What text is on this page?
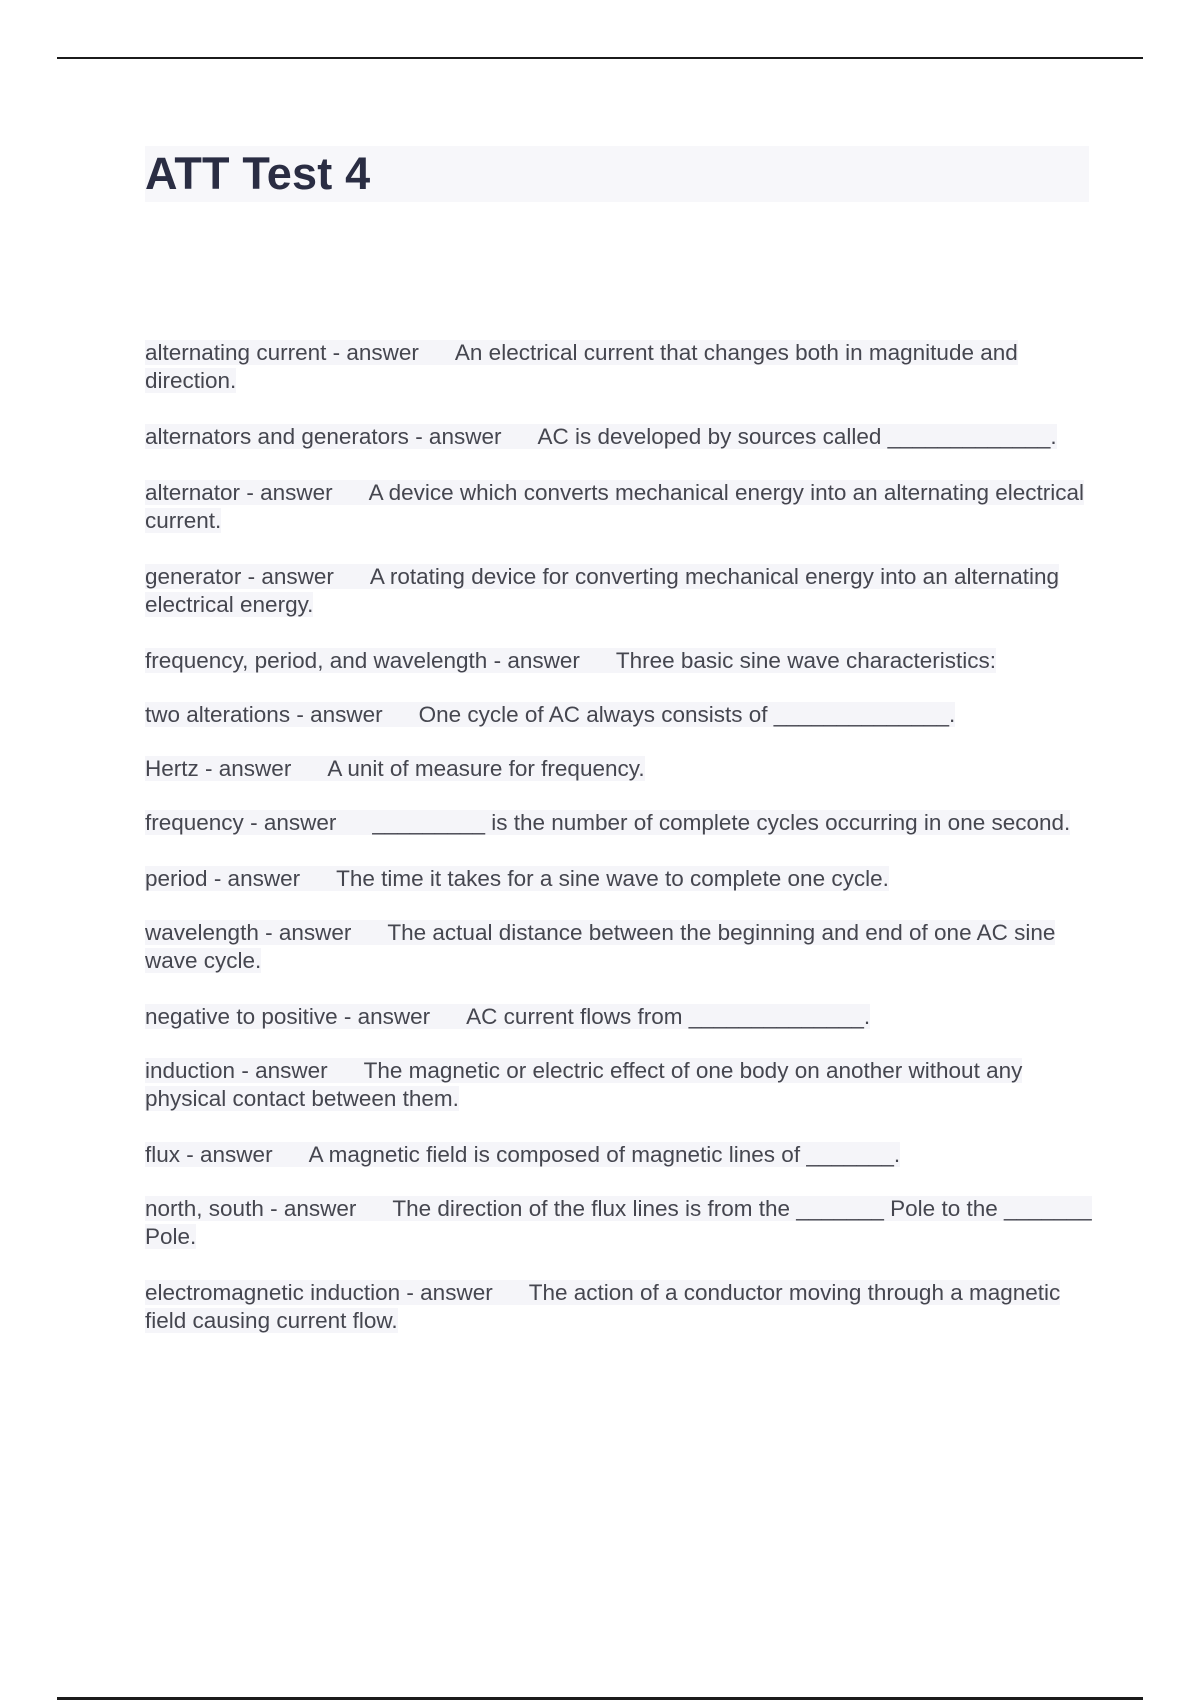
ATT Test 4
alternating current - answer An electrical current that changes both in magnitude and direction.
alternators and generators - answer AC is developed by sources called _____________.
alternator - answer A device which converts mechanical energy into an alternating electrical current.
generator - answer A rotating device for converting mechanical energy into an alternating electrical energy.
frequency, period, and wavelength - answer Three basic sine wave characteristics:
two alterations - answer One cycle of AC always consists of ______________.
Hertz - answer A unit of measure for frequency.
frequency - answer _________ is the number of complete cycles occurring in one second.
period - answer The time it takes for a sine wave to complete one cycle.
wavelength - answer The actual distance between the beginning and end of one AC sine wave cycle.
negative to positive - answer AC current flows from ______________.
induction - answer The magnetic or electric effect of one body on another without any physical contact between them.
flux - answer A magnetic field is composed of magnetic lines of _______.
north, south - answer The direction of the flux lines is from the _______ Pole to the _______ Pole.
electromagnetic induction - answer The action of a conductor moving through a magnetic field causing current flow.
